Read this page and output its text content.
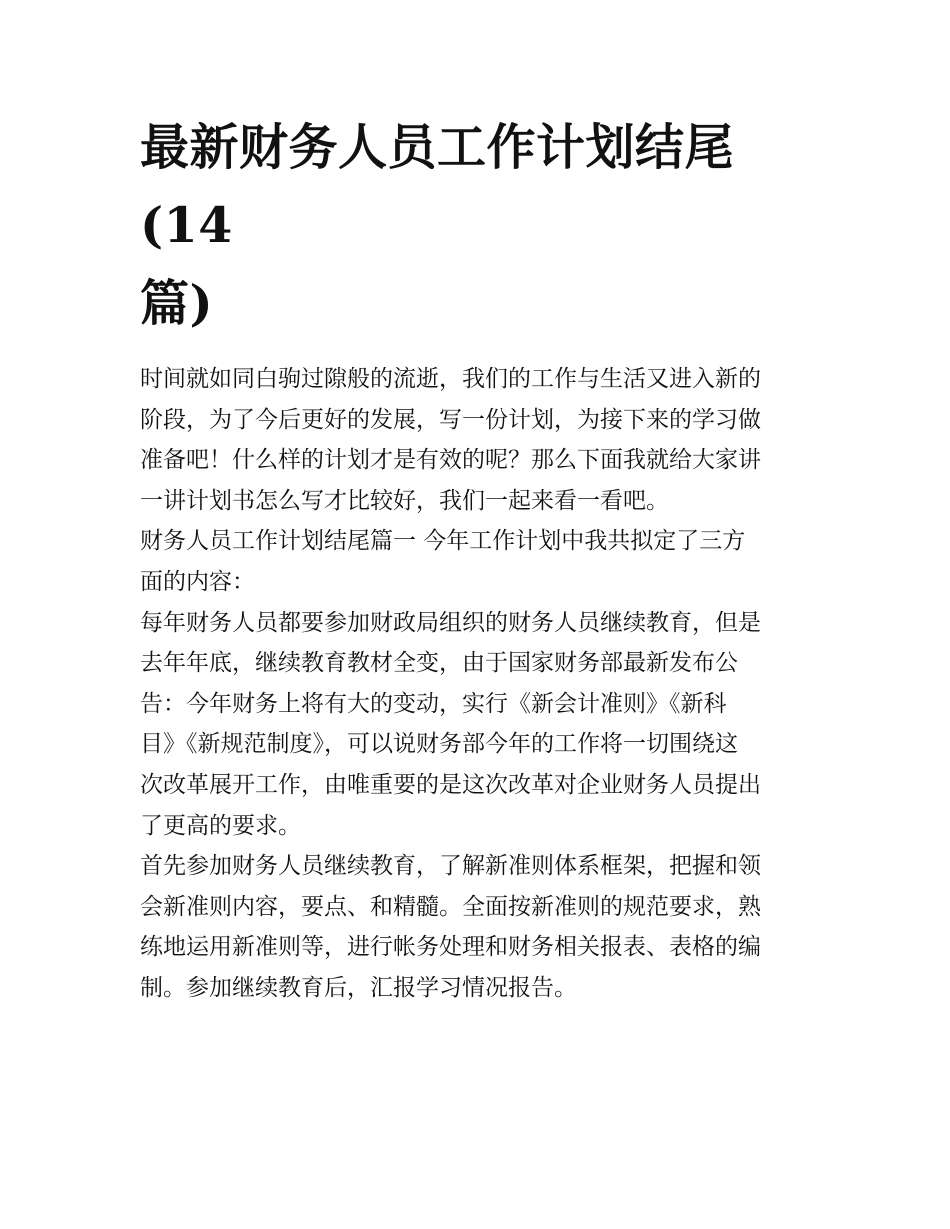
最新财务人员工作计划结尾(14
篇)

时间就如同白驹过隙般的流逝，我们的工作与生活又进入新的
阶段，为了今后更好的发展，写一份计划，为接下来的学习做
准备吧！什么样的计划才是有效的呢？那么下面我就给大家讲
一讲计划书怎么写才比较好，我们一起来看一看吧。

财务人员工作计划结尾篇一 今年工作计划中我共拟定了三方
面的内容：

每年财务人员都要参加财政局组织的财务人员继续教育，但是
去年年底，继续教育教材全变，由于国家财务部最新发布公
告：今年财务上将有大的变动，实行《新会计准则》《新科
目》《新规范制度》，可以说财务部今年的工作将一切围绕这
次改革展开工作，由唯重要的是这次改革对企业财务人员提出
了更高的要求。

首先参加财务人员继续教育，了解新准则体系框架，把握和领
会新准则内容，要点、和精髓。全面按新准则的规范要求，熟
练地运用新准则等，进行帐务处理和财务相关报表、表格的编
制。参加继续教育后，汇报学习情况报告。
